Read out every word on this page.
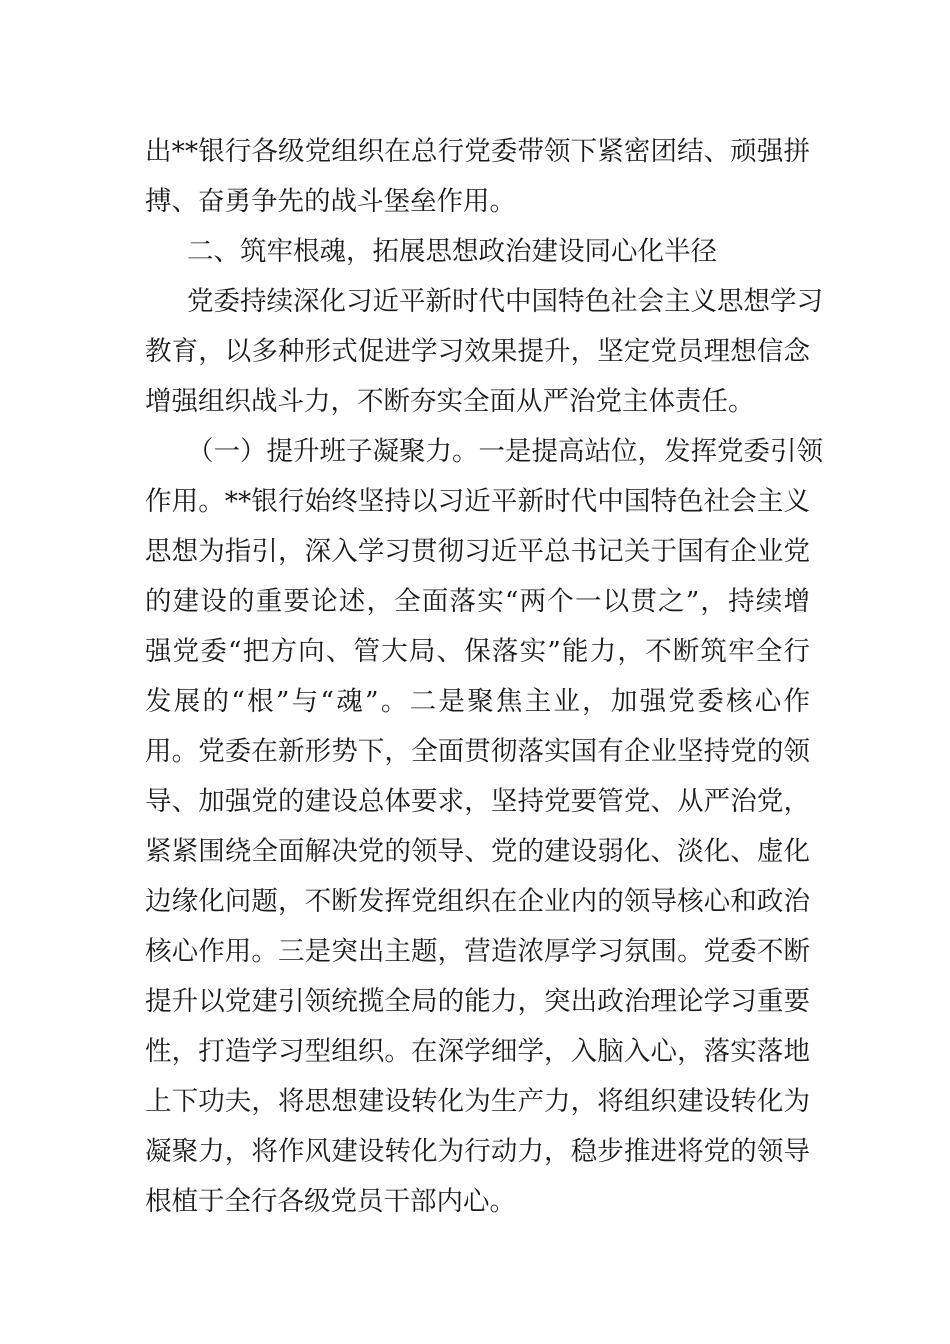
出**银行各级党组织在总行党委带领下紧密团结、顽强拼
搏、奋勇争先的战斗堡垒作用。
二、筑牢根魂，拓展思想政治建设同心化半径
党委持续深化习近平新时代中国特色社会主义思想学习
教育，以多种形式促进学习效果提升，坚定党员理想信念
增强组织战斗力，不断夯实全面从严治党主体责任。
（一）提升班子凝聚力。一是提高站位，发挥党委引领
作用。**银行始终坚持以习近平新时代中国特色社会主义
思想为指引，深入学习贯彻习近平总书记关于国有企业党
的建设的重要论述，全面落实“两个一以贯之”，持续增
强党委“把方向、管大局、保落实”能力，不断筑牢全行
发展的“根”与“魂”。二是聚焦主业，加强党委核心作
用。党委在新形势下，全面贯彻落实国有企业坚持党的领
导、加强党的建设总体要求，坚持党要管党、从严治党，
紧紧围绕全面解决党的领导、党的建设弱化、淡化、虚化
边缘化问题，不断发挥党组织在企业内的领导核心和政治
核心作用。三是突出主题，营造浓厚学习氛围。党委不断
提升以党建引领统揽全局的能力，突出政治理论学习重要
性，打造学习型组织。在深学细学，入脑入心，落实落地
上下功夫，将思想建设转化为生产力，将组织建设转化为
凝聚力，将作风建设转化为行动力，稳步推进将党的领导
根植于全行各级党员干部内心。
